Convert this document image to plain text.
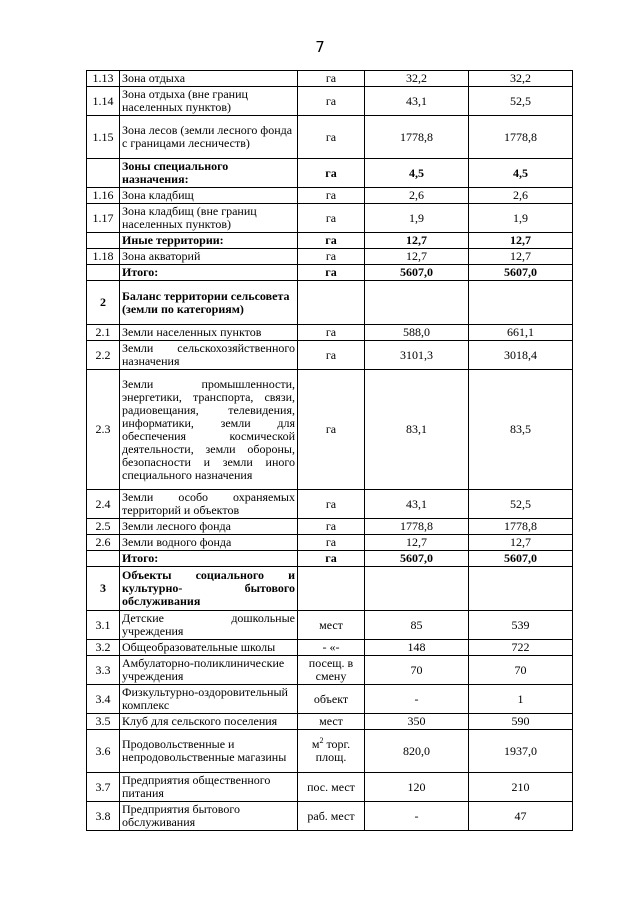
7
1.13	Зона отдыха	га	32,2	32,2
1.14	Зона отдыха (вне границ населенных пунктов)	га	43,1	52,5
1.15	Зона лесов (земли лесного фонда с границами лесничеств)	га	1778,8	1778,8
	Зоны специального назначения:	га	4,5	4,5
1.16	Зона кладбищ	га	2,6	2,6
1.17	Зона кладбищ (вне границ населенных пунктов)	га	1,9	1,9
	Иные территории:	га	12,7	12,7
1.18	Зона акваторий	га	12,7	12,7
	Итого:	га	5607,0	5607,0
2	Баланс территории сельсовета (земли по категориям)			
2.1	Земли населенных пунктов	га	588,0	661,1
2.2	Земли сельскохозяйственного назначения	га	3101,3	3018,4
2.3	Земли промышленности, энергетики, транспорта, связи, радиовещания, телевидения, информатики, земли для обеспечения космической деятельности, земли обороны, безопасности и земли иного специального назначения	га	83,1	83,5
2.4	Земли особо охраняемых территорий и объектов	га	43,1	52,5
2.5	Земли лесного фонда	га	1778,8	1778,8
2.6	Земли водного фонда	га	12,7	12,7
	Итого:	га	5607,0	5607,0
3	Объекты социального и культурно- бытового обслуживания			
3.1	Детские дошкольные учреждения	мест	85	539
3.2	Общеобразовательные школы	- «-	148	722
3.3	Амбулаторно-поликлинические учреждения	посещ. в смену	70	70
3.4	Физкультурно-оздоровительный комплекс	объект	-	1
3.5	Клуб для сельского поселения	мест	350	590
3.6	Продовольственные и непродовольственные магазины	$м^2$ торг. площ.	820,0	1937,0
3.7	Предприятия общественного питания	пос. мест	120	210
3.8	Предприятия бытового обслуживания	раб. мест	-	47
